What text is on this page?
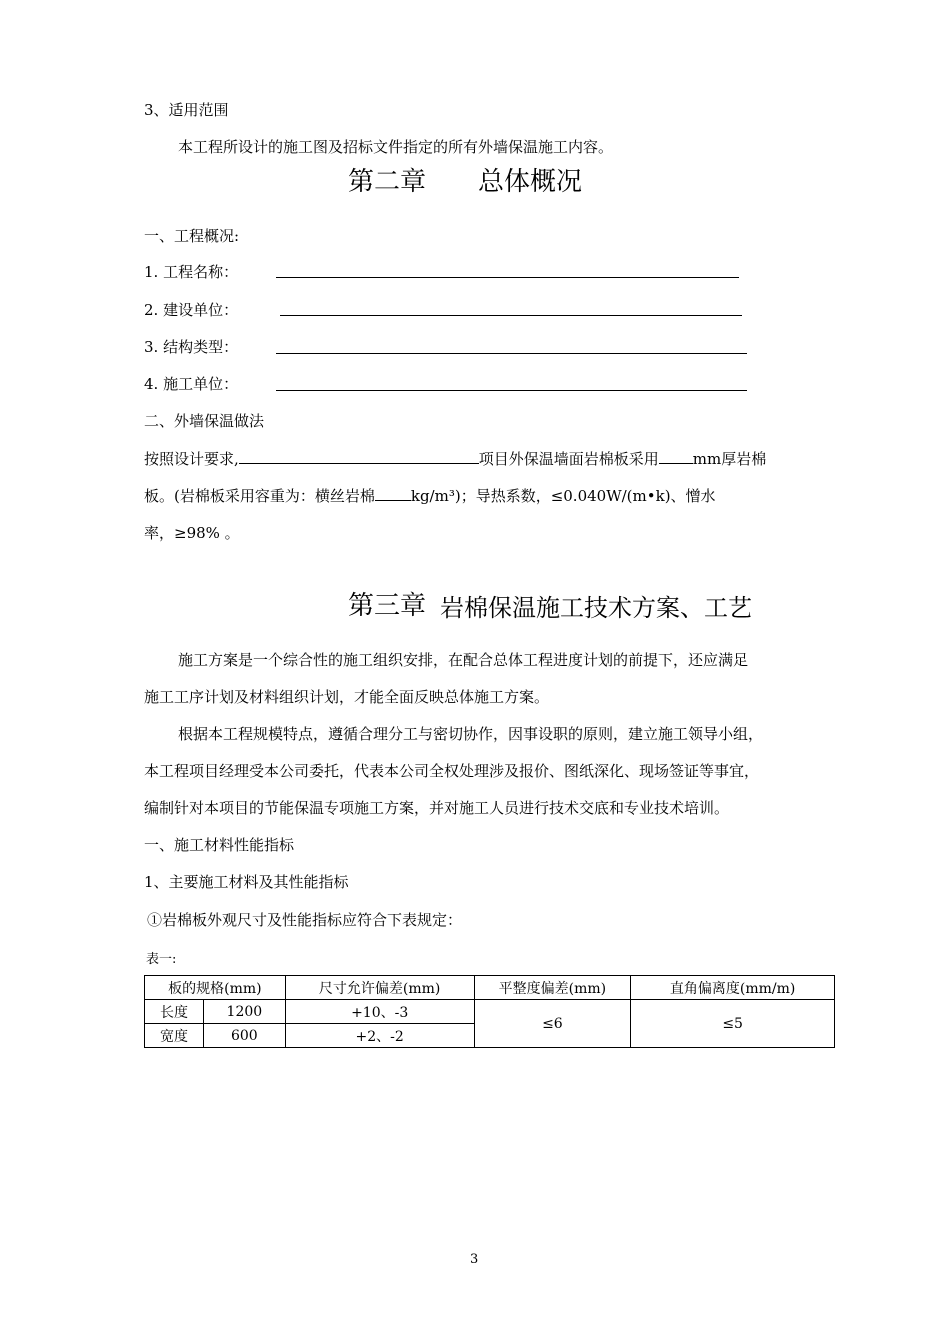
3、适用范围
本工程所设计的施工图及招标文件指定的所有外墙保温施工内容。
第二章 总体概况
一、工程概况:
1. 工程名称：
2. 建设单位：
3. 结构类型：
4. 施工单位：
二、外墙保温做法
按照设计要求,	项目外保温墙面岩棉板采用 mm厚岩棉
板。(岩棉板采用容重为：横丝岩棉 kg/m³)；导热系数，≤0.040W/(m•k)、憎水
率，≥98% 。
第三章 岩棉保温施工技术方案、工艺
施工方案是一个综合性的施工组织安排，在配合总体工程进度计划的前提下，还应满足
施工工序计划及材料组织计划，才能全面反映总体施工方案。
根据本工程规模特点，遵循合理分工与密切协作，因事设职的原则，建立施工领导小组，
本工程项目经理受本公司委托，代表本公司全权处理涉及报价、图纸深化、现场签证等事宜，
编制针对本项目的节能保温专项施工方案，并对施工人员进行技术交底和专业技术培训。
一、施工材料性能指标
1、主要施工材料及其性能指标
①岩棉板外观尺寸及性能指标应符合下表规定：
表一:
板的规格(mm)		尺寸允许偏差(mm)	平整度偏差(mm)	直角偏离度(mm/m)
长度	1200	+10、-3	≤6	≤5
宽度	600	+2、-2		
3
